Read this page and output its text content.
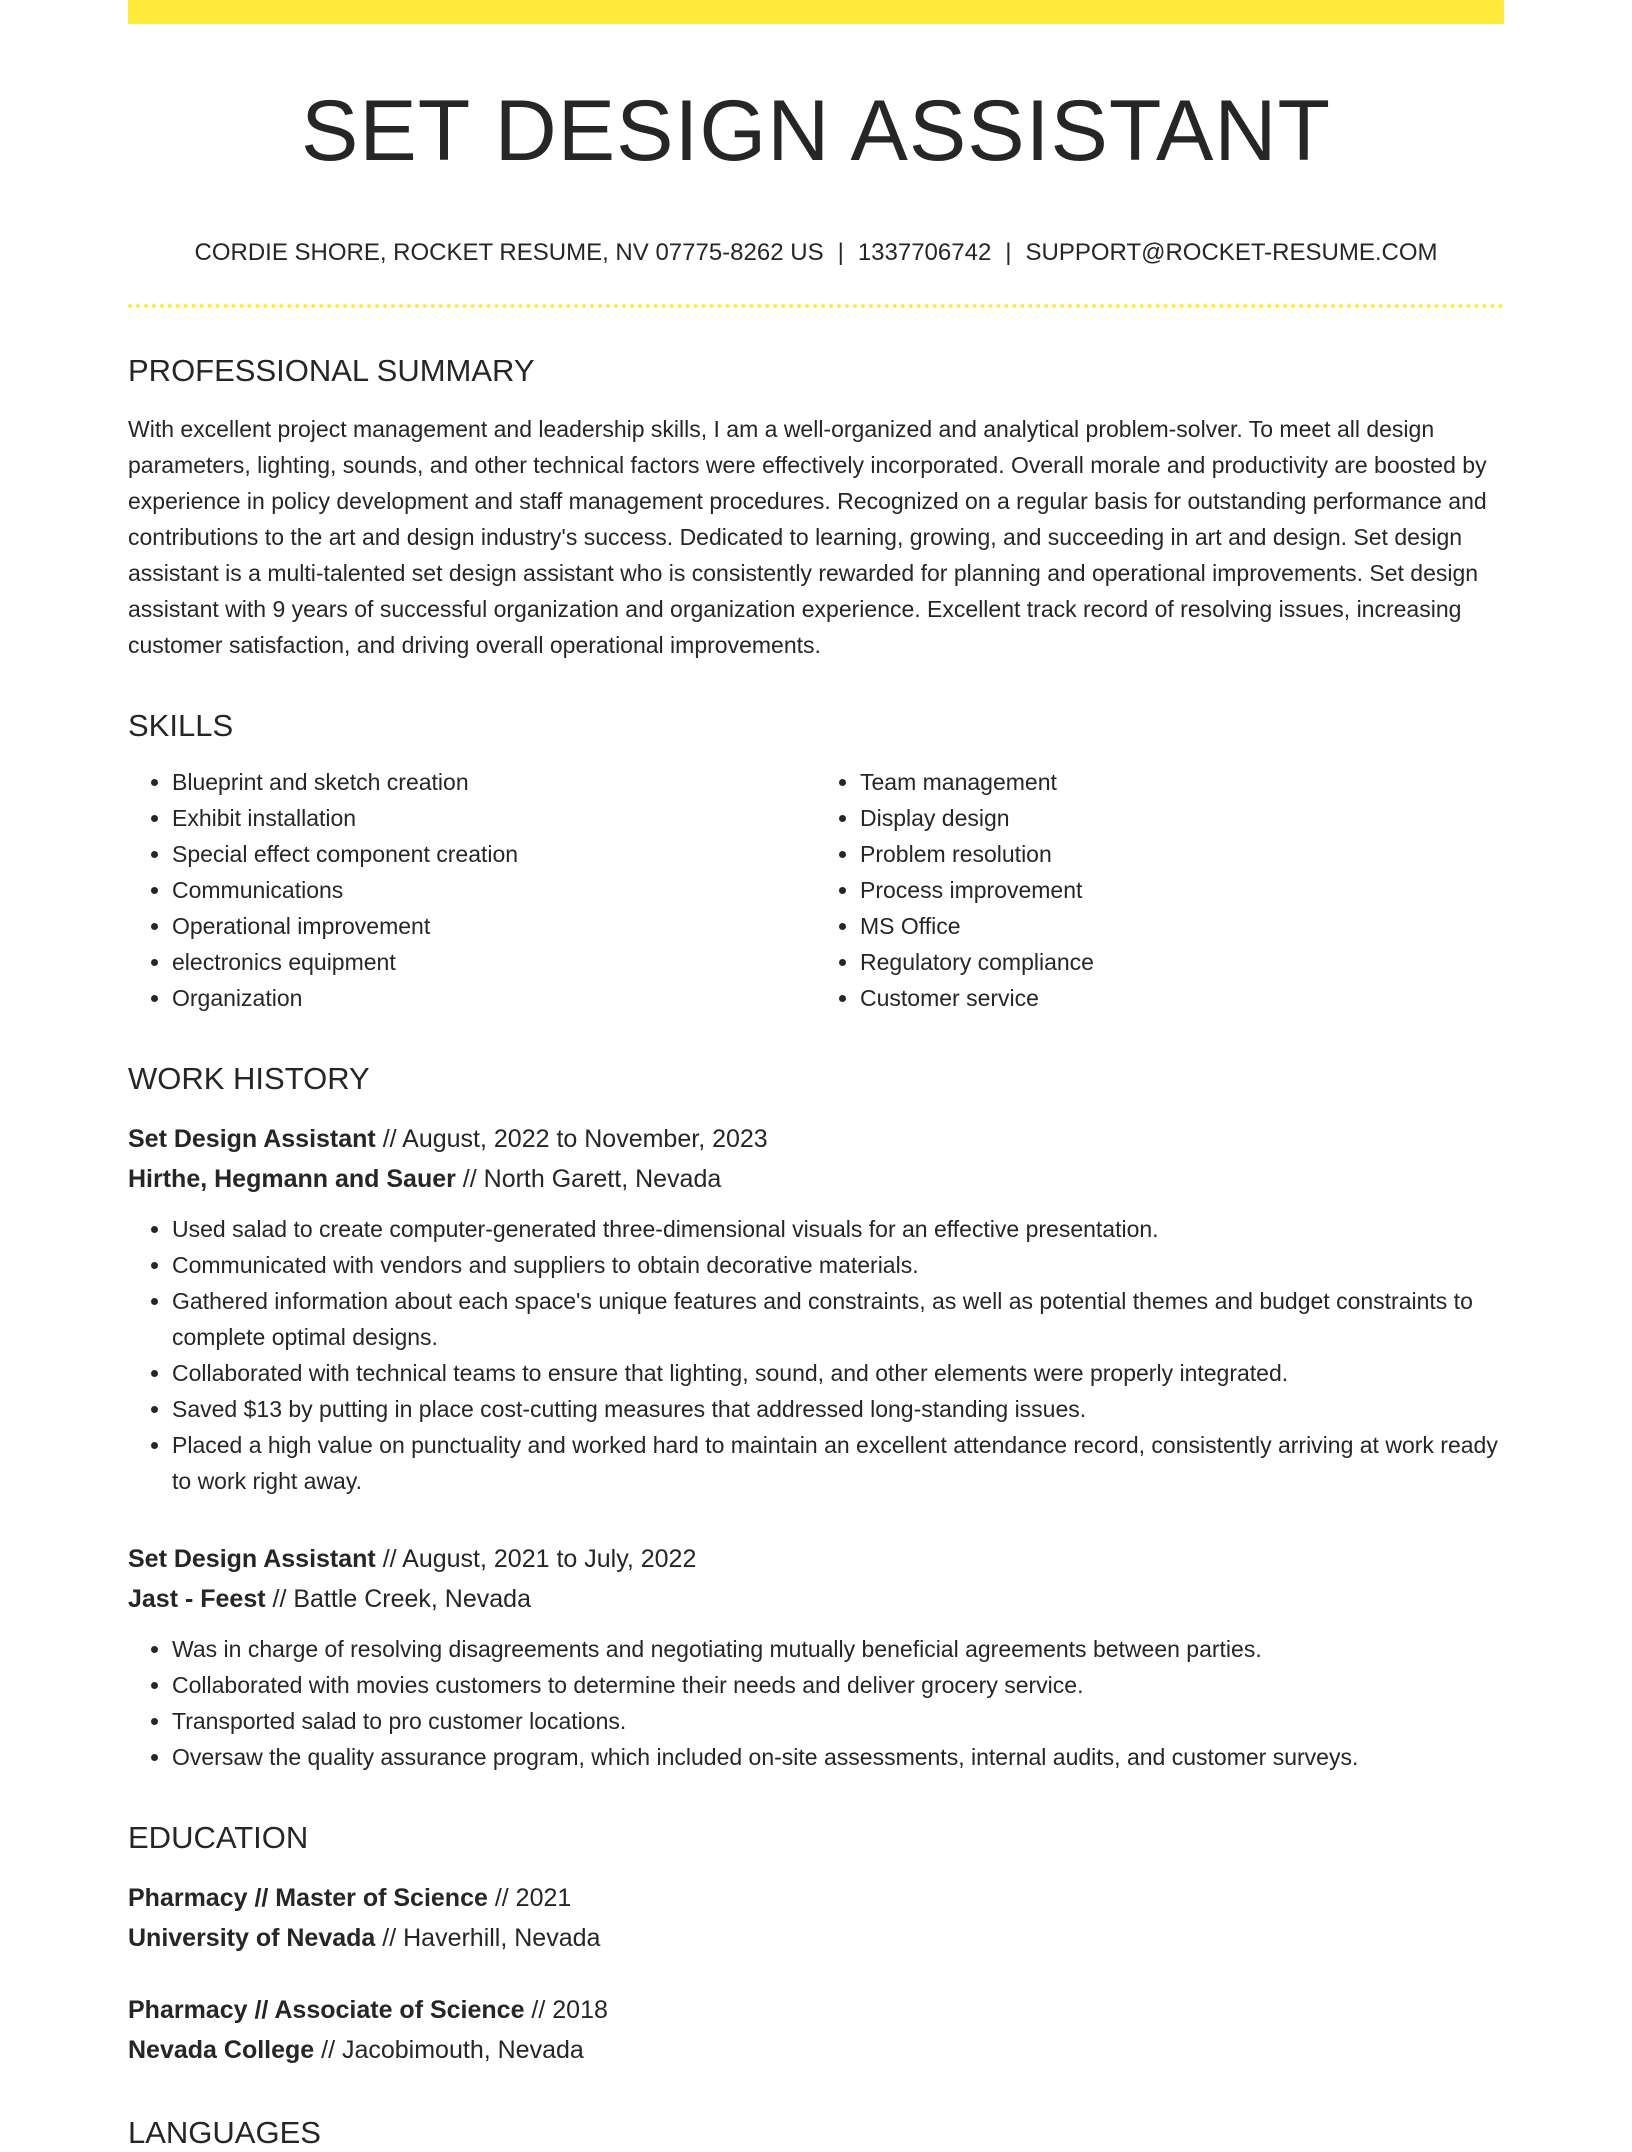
SET DESIGN ASSISTANT
CORDIE SHORE, ROCKET RESUME, NV 07775-8262 US | 1337706742 | SUPPORT@ROCKET-RESUME.COM
PROFESSIONAL SUMMARY
With excellent project management and leadership skills, I am a well-organized and analytical problem-solver. To meet all design parameters, lighting, sounds, and other technical factors were effectively incorporated. Overall morale and productivity are boosted by experience in policy development and staff management procedures. Recognized on a regular basis for outstanding performance and contributions to the art and design industry's success. Dedicated to learning, growing, and succeeding in art and design. Set design assistant is a multi-talented set design assistant who is consistently rewarded for planning and operational improvements. Set design assistant with 9 years of successful organization and organization experience. Excellent track record of resolving issues, increasing customer satisfaction, and driving overall operational improvements.
SKILLS
• Blueprint and sketch creation
• Exhibit installation
• Special effect component creation
• Communications
• Operational improvement
• electronics equipment
• Organization
• Team management
• Display design
• Problem resolution
• Process improvement
• MS Office
• Regulatory compliance
• Customer service
WORK HISTORY
Set Design Assistant // August, 2022 to November, 2023
Hirthe, Hegmann and Sauer // North Garett, Nevada
• Used salad to create computer-generated three-dimensional visuals for an effective presentation.
• Communicated with vendors and suppliers to obtain decorative materials.
• Gathered information about each space's unique features and constraints, as well as potential themes and budget constraints to complete optimal designs.
• Collaborated with technical teams to ensure that lighting, sound, and other elements were properly integrated.
• Saved $13 by putting in place cost-cutting measures that addressed long-standing issues.
• Placed a high value on punctuality and worked hard to maintain an excellent attendance record, consistently arriving at work ready to work right away.
Set Design Assistant // August, 2021 to July, 2022
Jast - Feest // Battle Creek, Nevada
• Was in charge of resolving disagreements and negotiating mutually beneficial agreements between parties.
• Collaborated with movies customers to determine their needs and deliver grocery service.
• Transported salad to pro customer locations.
• Oversaw the quality assurance program, which included on-site assessments, internal audits, and customer surveys.
EDUCATION
Pharmacy // Master of Science // 2021
University of Nevada // Haverhill, Nevada
Pharmacy // Associate of Science // 2018
Nevada College // Jacobimouth, Nevada
LANGUAGES
